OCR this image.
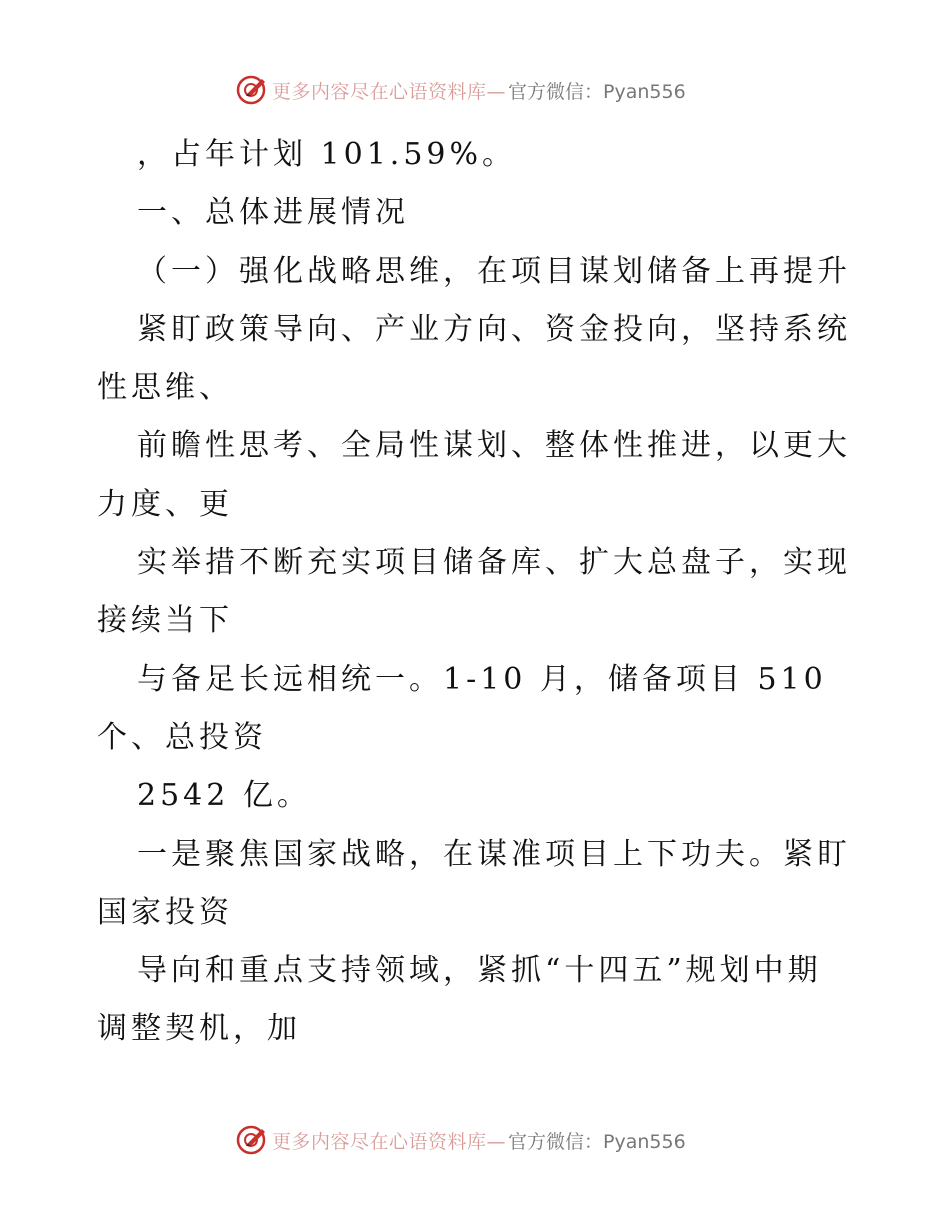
更多内容尽在心语资料库— 官方微信：Pyan556
，占年计划 101.59%。
一、总体进展情况
（一）强化战略思维，在项目谋划储备上再提升
紧盯政策导向、产业方向、资金投向，坚持系统
性思维、
前瞻性思考、全局性谋划、整体性推进，以更大
力度、更
实举措不断充实项目储备库、扩大总盘子，实现
接续当下
与备足长远相统一。1-10 月，储备项目 510
个、总投资
2542 亿。
一是聚焦国家战略，在谋准项目上下功夫。紧盯
国家投资
导向和重点支持领域，紧抓“十四五”规划中期
调整契机，加
更多内容尽在心语资料库— 官方微信：Pyan556
